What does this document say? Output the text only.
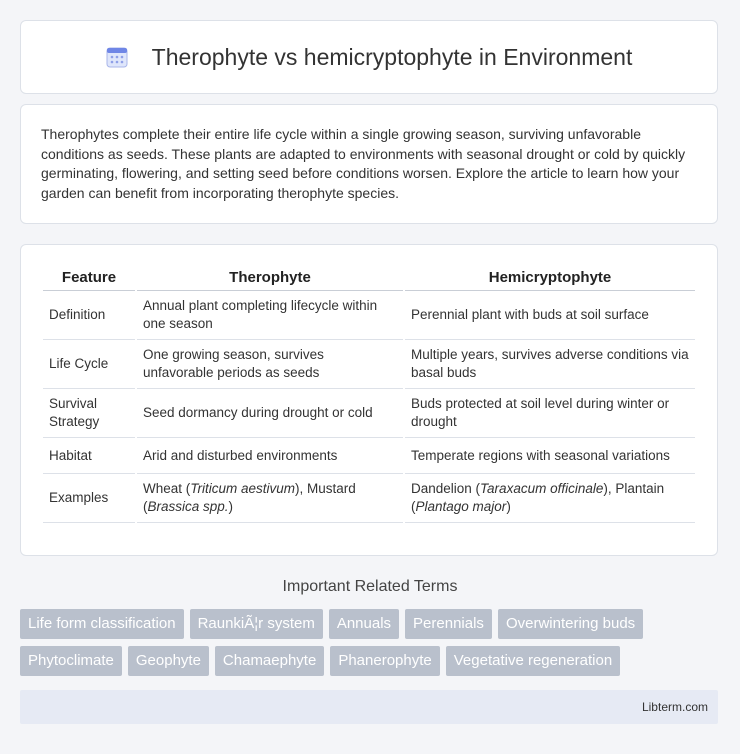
Therophyte vs hemicryptophyte in Environment

Therophytes complete their entire life cycle within a single growing season, surviving unfavorable conditions as seeds. These plants are adapted to environments with seasonal drought or cold by quickly germinating, flowering, and setting seed before conditions worsen. Explore the article to learn how your garden can benefit from incorporating therophyte species.

Feature	Therophyte	Hemicryptophyte
Definition	Annual plant completing lifecycle within one season	Perennial plant with buds at soil surface
Life Cycle	One growing season, survives unfavorable periods as seeds	Multiple years, survives adverse conditions via basal buds
Survival Strategy	Seed dormancy during drought or cold	Buds protected at soil level during winter or drought
Habitat	Arid and disturbed environments	Temperate regions with seasonal variations
Examples	Wheat (Triticum aestivum), Mustard (Brassica spp.)	Dandelion (Taraxacum officinale), Plantain (Plantago major)
Important Related Terms
Life form classification	RaunkiÃ¦r system	Annuals	Perennials	Overwintering buds
Phytoclimate	Geophyte	Chamaephyte	Phanerophyte	Vegetative regeneration
Libterm.com
